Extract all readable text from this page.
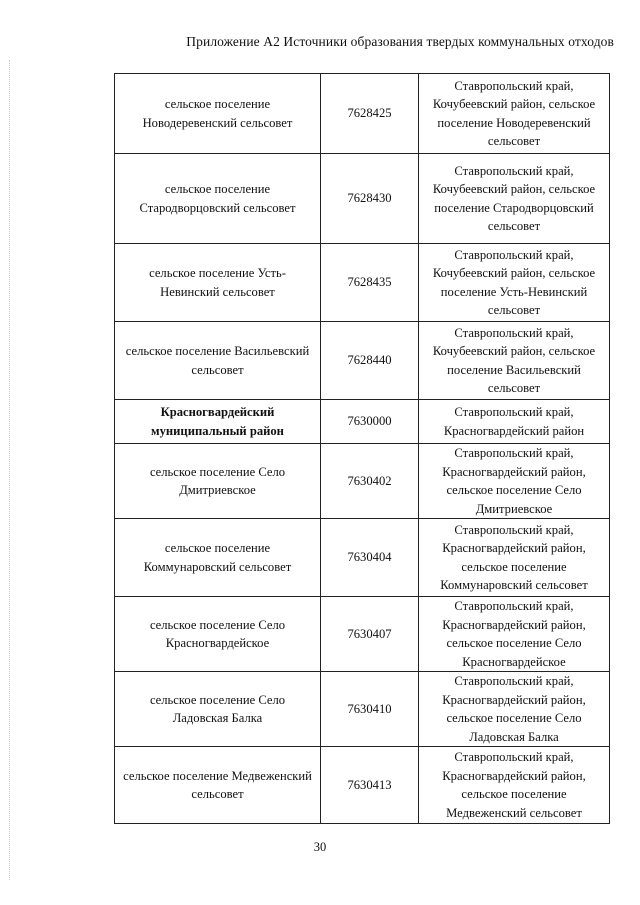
Приложение А2 Источники образования твердых коммунальных отходов
сельское поселение Новодеревенский сельсовет	7628425	Ставропольский край, Кочубеевский район, сельское поселение Новодеревенский сельсовет
сельское поселение Стародворцовский сельсовет	7628430	Ставропольский край, Кочубеевский район, сельское поселение Стародворцовский сельсовет
сельское поселение Усть-Невинский сельсовет	7628435	Ставропольский край, Кочубеевский район, сельское поселение Усть-Невинский сельсовет
сельское поселение Васильевский сельсовет	7628440	Ставропольский край, Кочубеевский район, сельское поселение Васильевский сельсовет
Красногвардейский муниципальный район	7630000	Ставропольский край, Красногвардейский район
сельское поселение Село Дмитриевское	7630402	Ставропольский край, Красногвардейский район, сельское поселение Село Дмитриевское
сельское поселение Коммунаровский сельсовет	7630404	Ставропольский край, Красногвардейский район, сельское поселение Коммунаровский сельсовет
сельское поселение Село Красногвардейское	7630407	Ставропольский край, Красногвардейский район, сельское поселение Село Красногвардейское
сельское поселение Село Ладовская Балка	7630410	Ставропольский край, Красногвардейский район, сельское поселение Село Ладовская Балка
сельское поселение Медвеженский сельсовет	7630413	Ставропольский край, Красногвардейский район, сельское поселение Медвеженский сельсовет
30
